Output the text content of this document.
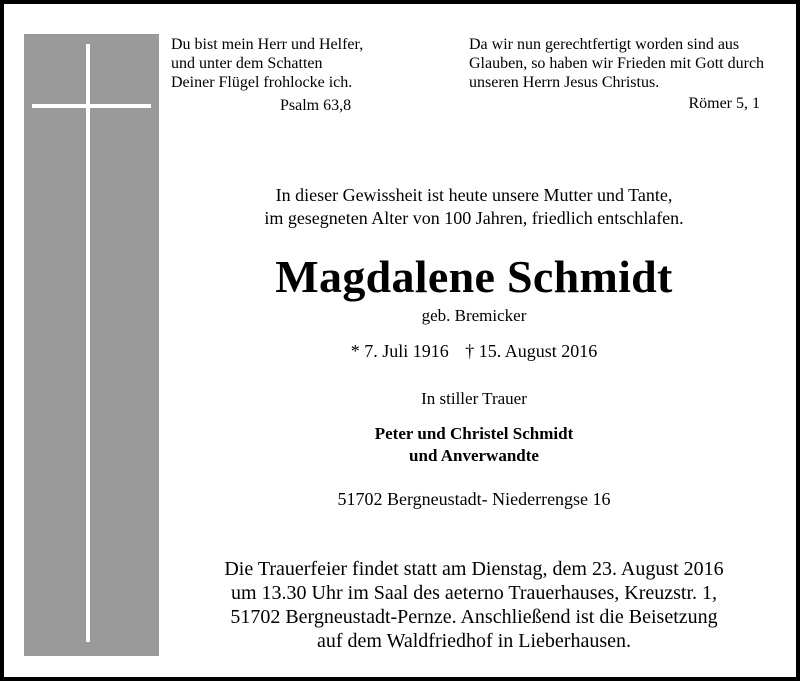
Du bist mein Herr und Helfer,
und unter dem Schatten
Deiner Flügel frohlocke ich.
Psalm 63,8
Da wir nun gerechtfertigt worden sind aus
Glauben, so haben wir Frieden mit Gott durch
unseren Herrn Jesus Christus.
Römer 5, 1
In dieser Gewissheit ist heute unsere Mutter und Tante,
im gesegneten Alter von 100 Jahren, friedlich entschlafen.
Magdalene Schmidt
geb. Bremicker
* 7. Juli 1916 † 15. August 2016
In stiller Trauer
Peter und Christel Schmidt
und Anverwandte
51702 Bergneustadt- Niederrengse 16
Die Trauerfeier findet statt am Dienstag, dem 23. August 2016
um 13.30 Uhr im Saal des aeterno Trauerhauses, Kreuzstr. 1,
51702 Bergneustadt-Pernze. Anschließend ist die Beisetzung
auf dem Waldfriedhof in Lieberhausen.
